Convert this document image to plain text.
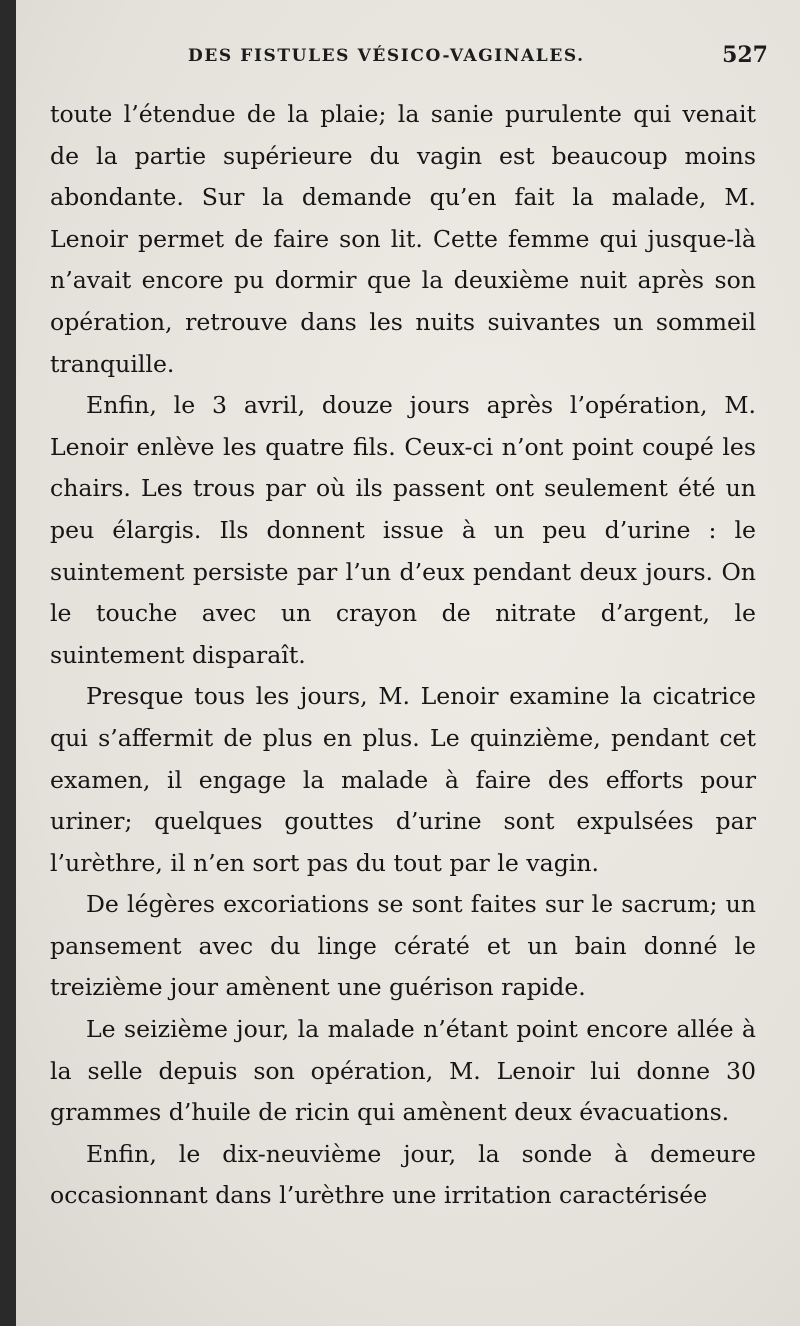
DES FISTULES VÉSICO-VAGINALES.	527

toute l’étendue de la plaie; la sanie purulente qui venait de la partie supérieure du vagin est beaucoup moins abondante. Sur la demande qu’en fait la malade, M. Lenoir permet de faire son lit. Cette femme qui jusque-là n’avait encore pu dormir que la deuxième nuit après son opération, retrouve dans les nuits suivantes un sommeil tranquille.

Enfin, le 3 avril, douze jours après l’opération, M. Lenoir enlève les quatre fils. Ceux-ci n’ont point coupé les chairs. Les trous par où ils passent ont seulement été un peu élargis. Ils donnent issue à un peu d’urine : le suintement persiste par l’un d’eux pendant deux jours. On le touche avec un crayon de nitrate d’argent, le suintement disparaît.

Presque tous les jours, M. Lenoir examine la cicatrice qui s’affermit de plus en plus. Le quinzième, pendant cet examen, il engage la malade à faire des efforts pour uriner; quelques gouttes d’urine sont expulsées par l’urèthre, il n’en sort pas du tout par le vagin.

De légères excoriations se sont faites sur le sacrum; un pansement avec du linge cératé et un bain donné le treizième jour amènent une guérison rapide.

Le seizième jour, la malade n’étant point encore allée à la selle depuis son opération, M. Lenoir lui donne 30 grammes d’huile de ricin qui amènent deux évacuations.

Enfin, le dix-neuvième jour, la sonde à demeure occasionnant dans l’urèthre une irritation caractérisée
